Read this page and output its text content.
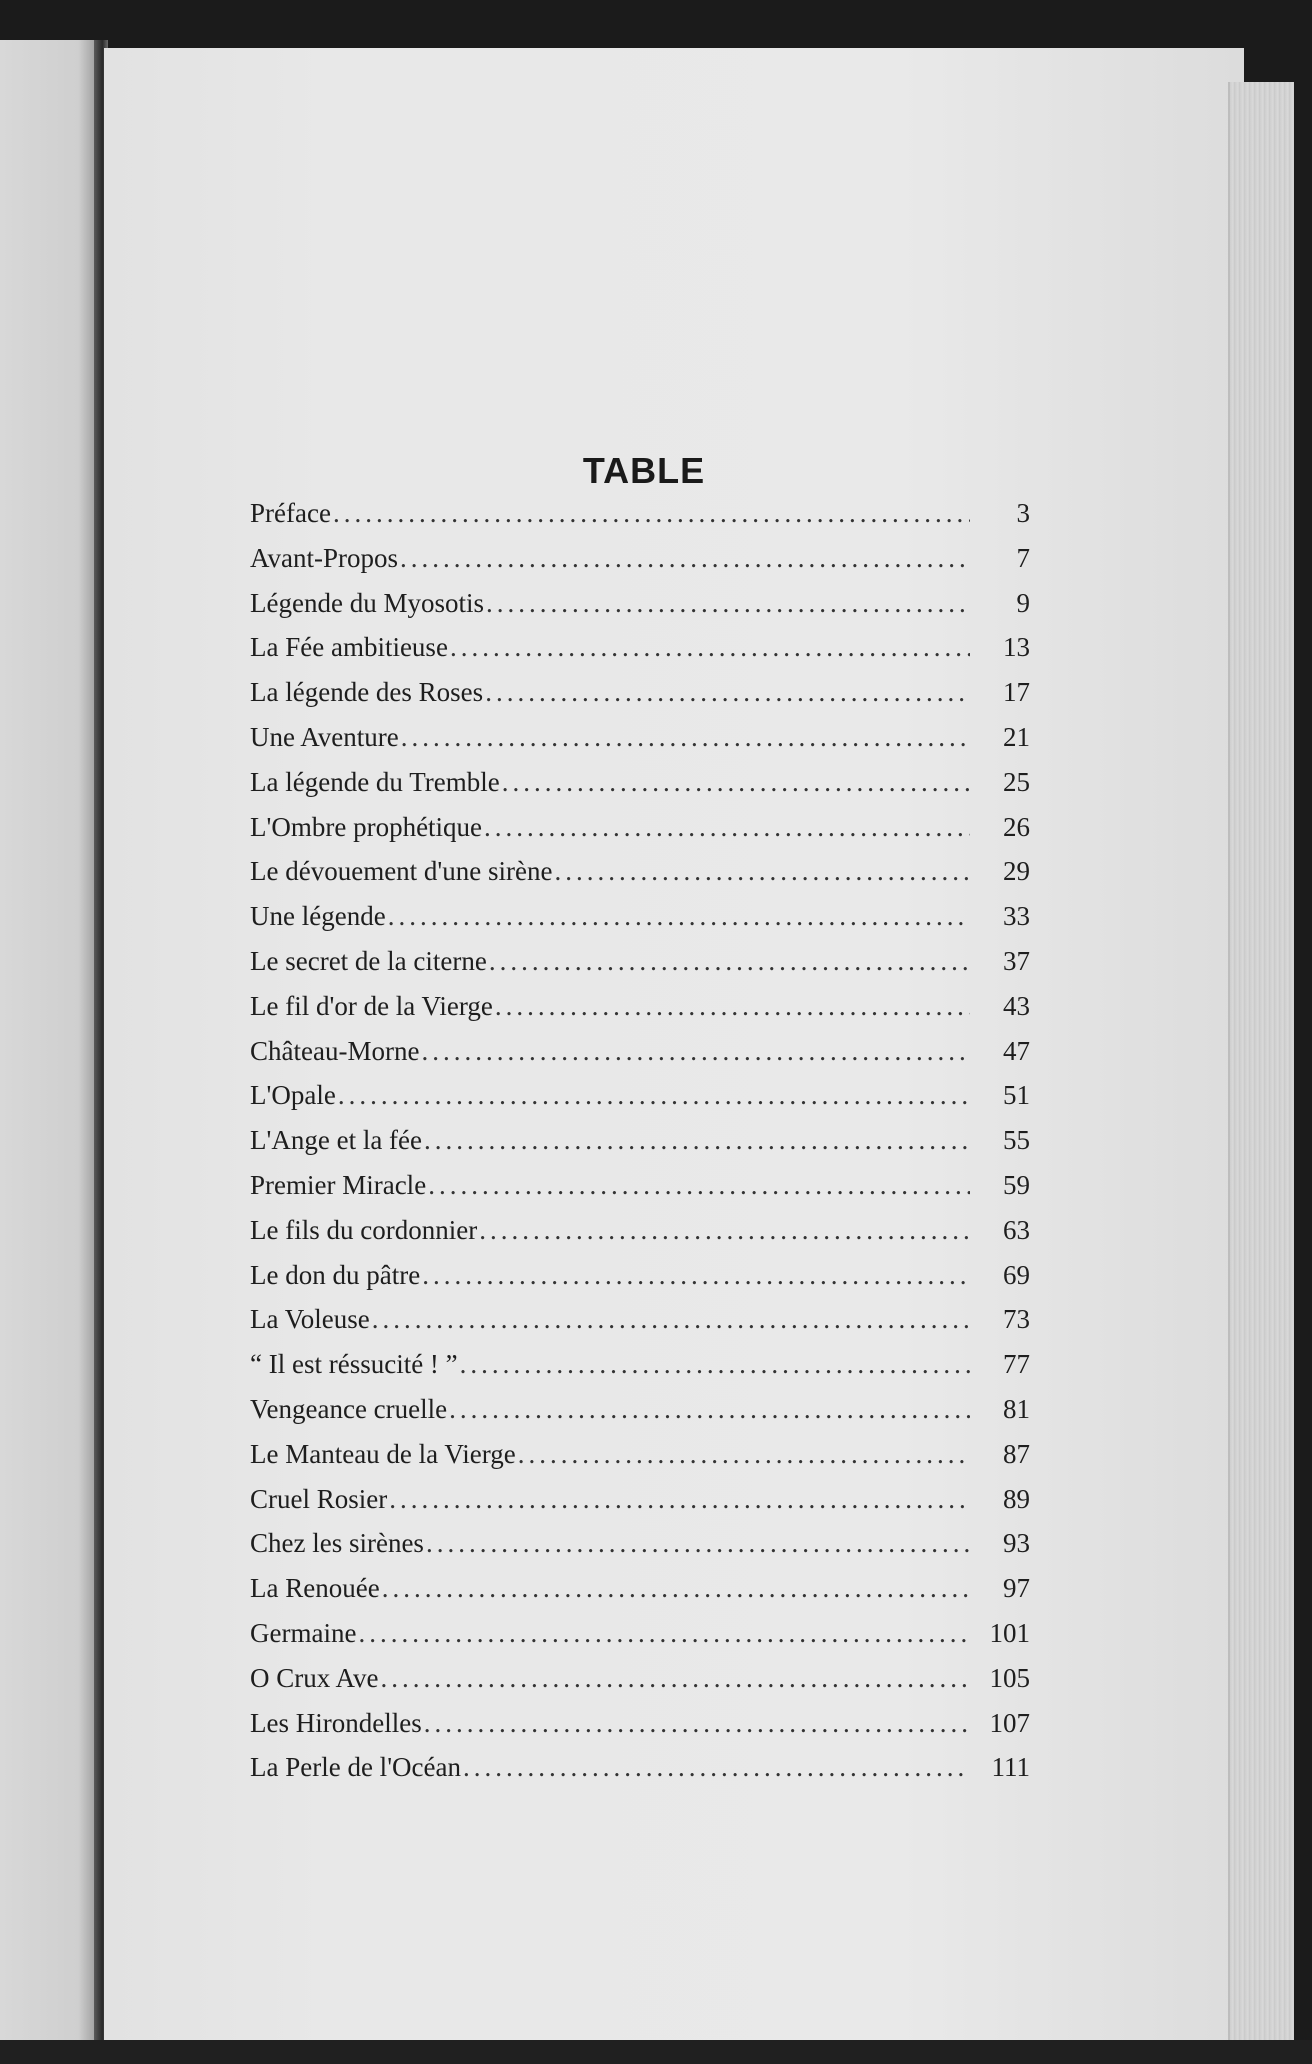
TABLE
Préface .....	3
Avant-Propos .....	7
Légende du Myosotis .....	9
La Fée ambitieuse .....	13
La légende des Roses .....	17
Une Aventure .....	21
La légende du Tremble .....	25
L'Ombre prophétique .....	26
Le dévouement d'une sirène .....	29
Une légende .....	33
Le secret de la citerne .....	37
Le fil d'or de la Vierge .....	43
Château-Morne .....	47
L'Opale .....	51
L'Ange et la fée .....	55
Premier Miracle .....	59
Le fils du cordonnier .....	63
Le don du pâtre .....	69
La Voleuse .....	73
“ Il est réssucité ! ” .....	77
Vengeance cruelle .....	81
Le Manteau de la Vierge .....	87
Cruel Rosier .....	89
Chez les sirènes .....	93
La Renouée .....	97
Germaine .....	101
O Crux Ave .....	105
Les Hirondelles .....	107
La Perle de l'Océan .....	111
